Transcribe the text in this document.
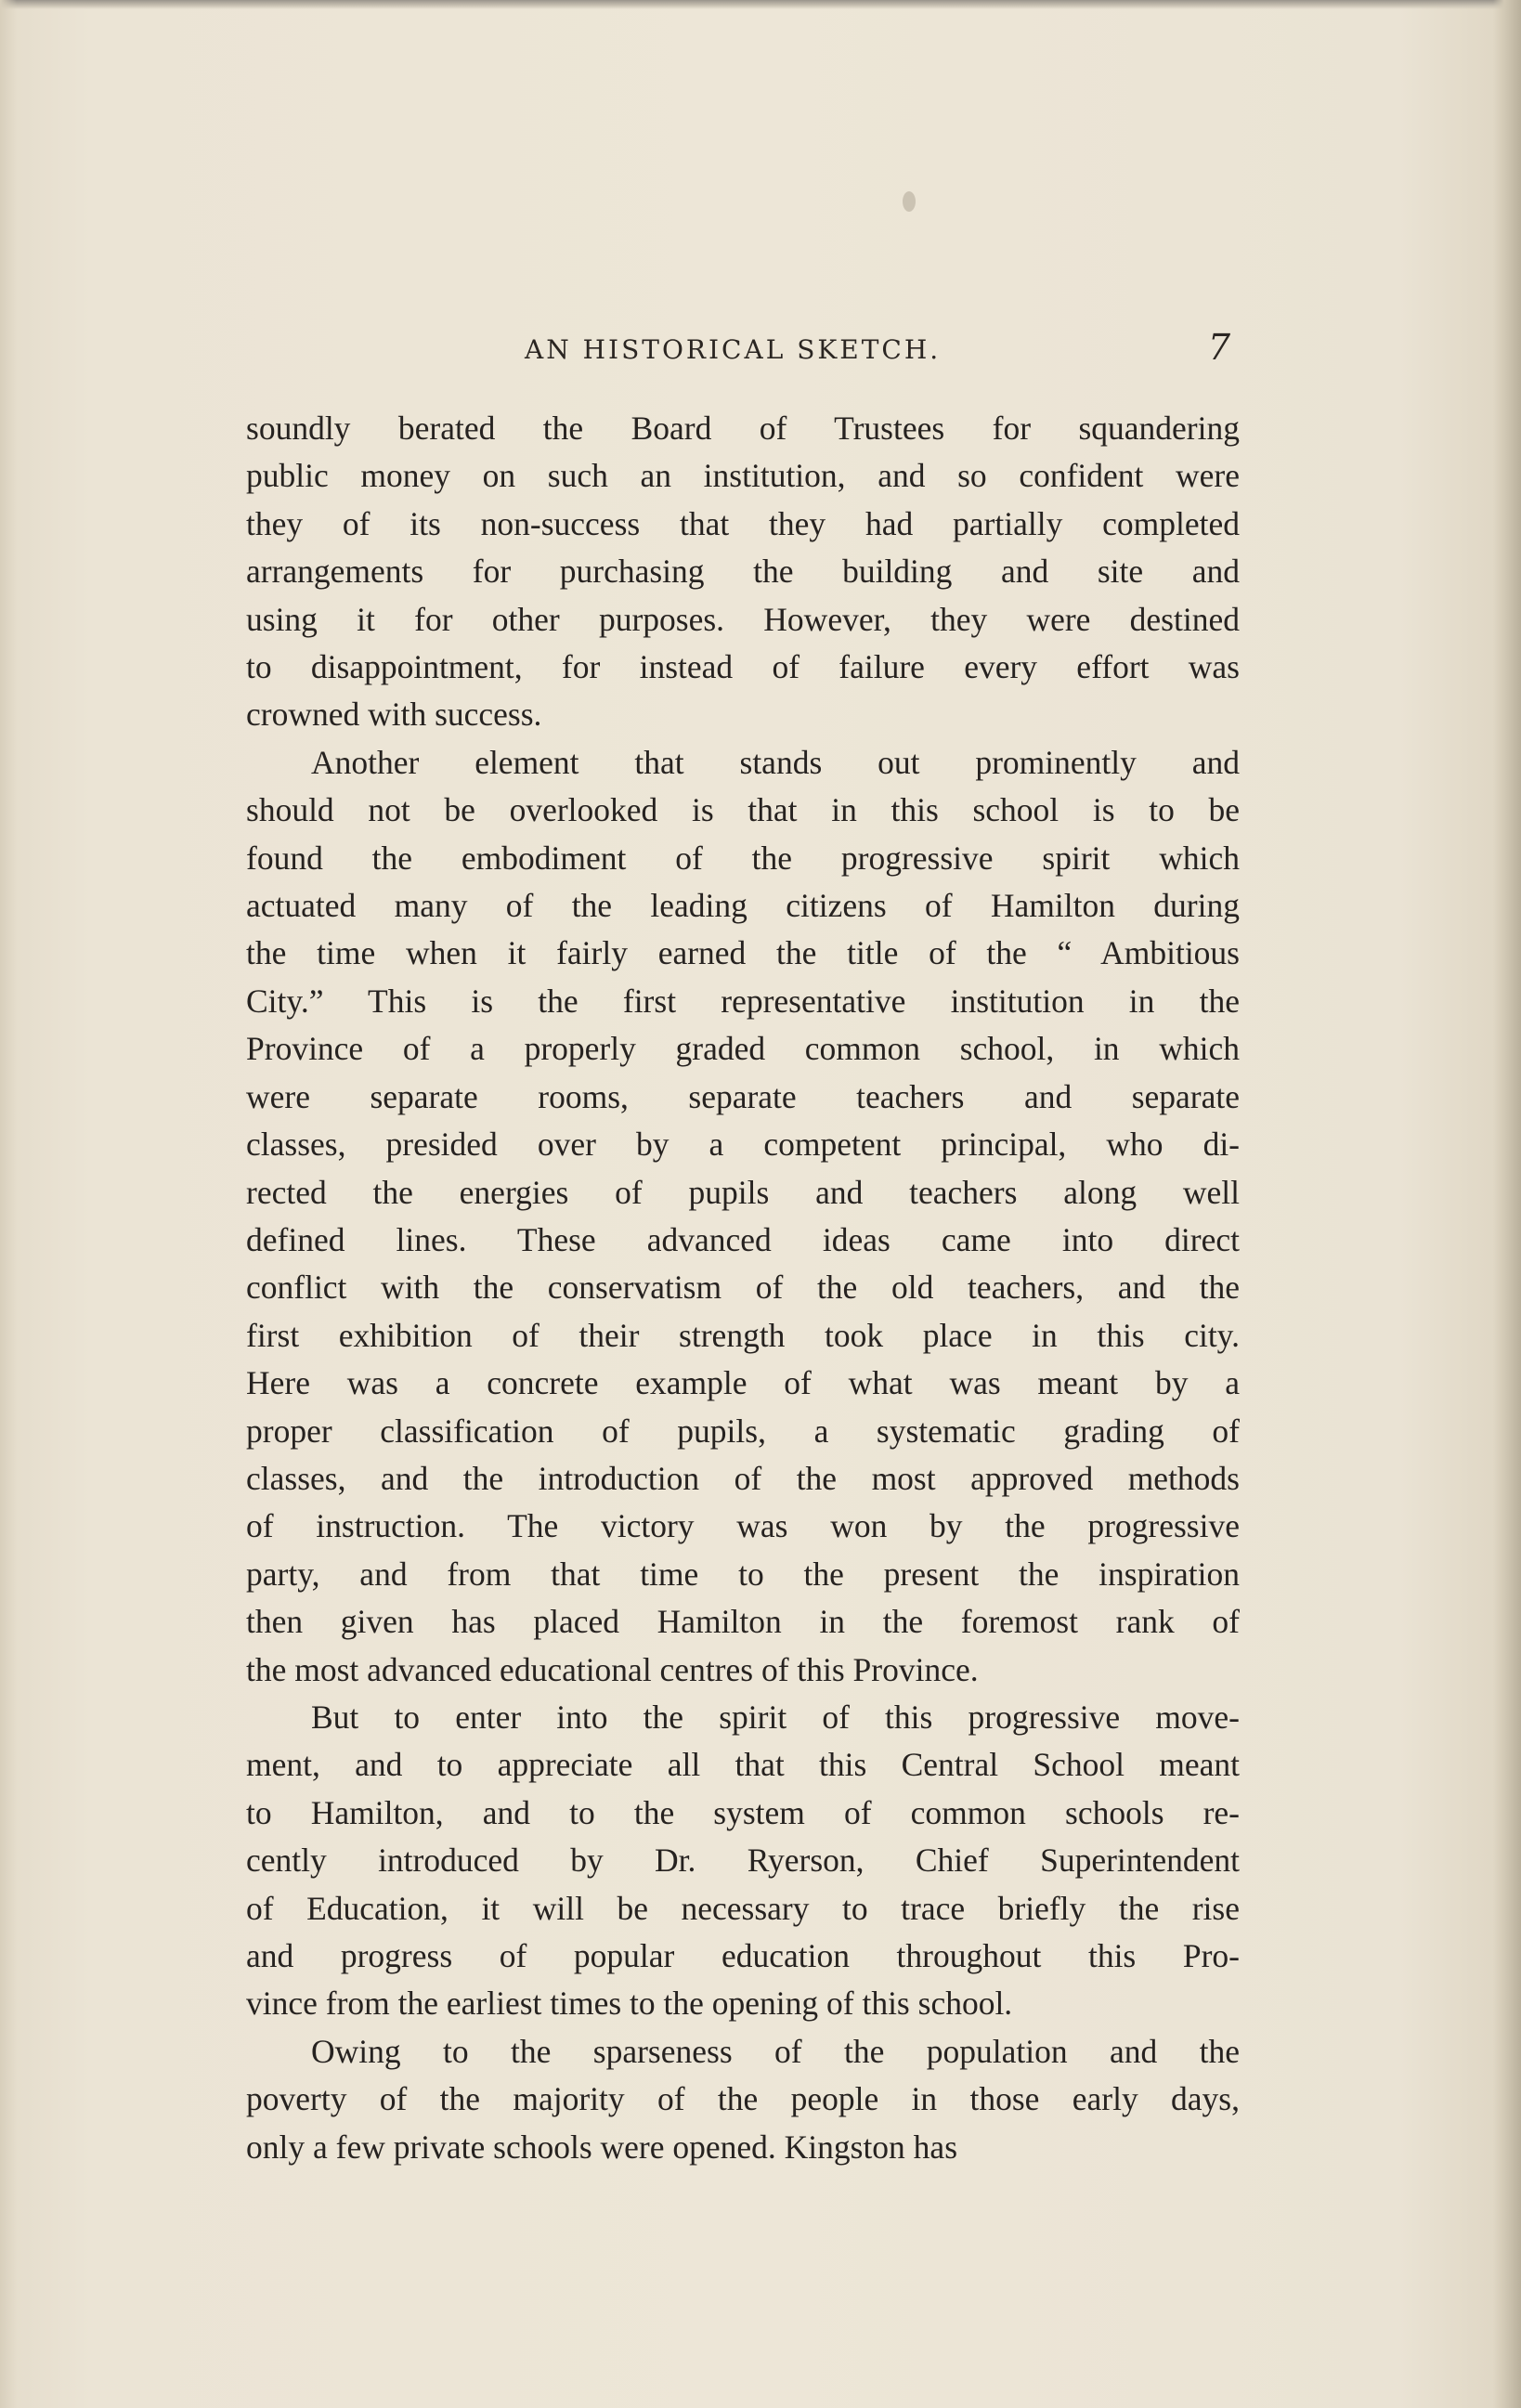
AN HISTORICAL SKETCH.	7

soundly berated the Board of Trustees for squandering
public money on such an institution, and so confident were
they of its non-success that they had partially completed
arrangements for purchasing the building and site and
using it for other purposes. However, they were destined
to disappointment, for instead of failure every effort was
crowned with success.

Another element that stands out prominently and
should not be overlooked is that in this school is to be
found the embodiment of the progressive spirit which
actuated many of the leading citizens of Hamilton during
the time when it fairly earned the title of the “ Ambitious
City.” This is the first representative institution in the
Province of a properly graded common school, in which
were separate rooms, separate teachers and separate
classes, presided over by a competent principal, who di-
rected the energies of pupils and teachers along well
defined lines. These advanced ideas came into direct
conflict with the conservatism of the old teachers, and the
first exhibition of their strength took place in this city.
Here was a concrete example of what was meant by a
proper classification of pupils, a systematic grading of
classes, and the introduction of the most approved methods
of instruction. The victory was won by the progressive
party, and from that time to the present the inspiration
then given has placed Hamilton in the foremost rank of
the most advanced educational centres of this Province.

But to enter into the spirit of this progressive move-
ment, and to appreciate all that this Central School meant
to Hamilton, and to the system of common schools re-
cently introduced by Dr. Ryerson, Chief Superintendent
of Education, it will be necessary to trace briefly the rise
and progress of popular education throughout this Pro-
vince from the earliest times to the opening of this school.

Owing to the sparseness of the population and the
poverty of the majority of the people in those early days,
only a few private schools were opened. Kingston has
